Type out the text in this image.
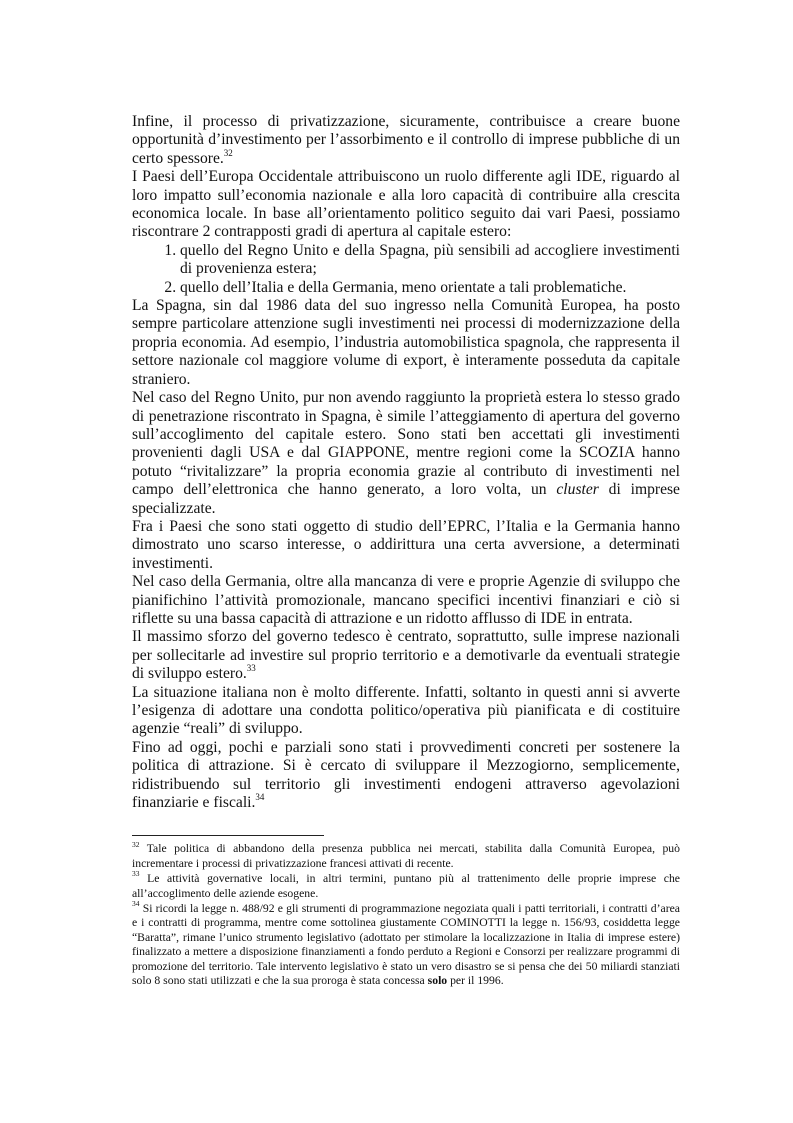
Infine, il processo di privatizzazione, sicuramente, contribuisce a creare buone opportunità d’investimento per l’assorbimento e il controllo di imprese pubbliche di un certo spessore.$^{32}$

I Paesi dell’Europa Occidentale attribuiscono un ruolo differente agli IDE, riguardo al loro impatto sull’economia nazionale e alla loro capacità di contribuire alla crescita economica locale. In base all’orientamento politico seguito dai vari Paesi, possiamo riscontrare 2 contrapposti gradi di apertura al capitale estero:

1. quello del Regno Unito e della Spagna, più sensibili ad accogliere investimenti di provenienza estera;
2. quello dell’Italia e della Germania, meno orientate a tali problematiche.

La Spagna, sin dal 1986 data del suo ingresso nella Comunità Europea, ha posto sempre particolare attenzione sugli investimenti nei processi di modernizzazione della propria economia. Ad esempio, l’industria automobilistica spagnola, che rappresenta il settore nazionale col maggiore volume di export, è interamente posseduta da capitale straniero.

Nel caso del Regno Unito, pur non avendo raggiunto la proprietà estera lo stesso grado di penetrazione riscontrato in Spagna, è simile l’atteggiamento di apertura del governo sull’accoglimento del capitale estero. Sono stati ben accettati gli investimenti provenienti dagli USA e dal GIAPPONE, mentre regioni come la SCOZIA hanno potuto “rivitalizzare” la propria economia grazie al contributo di investimenti nel campo dell’elettronica che hanno generato, a loro volta, un cluster di imprese specializzate.

Fra i Paesi che sono stati oggetto di studio dell’EPRC, l’Italia e la Germania hanno dimostrato uno scarso interesse, o addirittura una certa avversione, a determinati investimenti.

Nel caso della Germania, oltre alla mancanza di vere e proprie Agenzie di sviluppo che pianifichino l’attività promozionale, mancano specifici incentivi finanziari e ciò si riflette su una bassa capacità di attrazione e un ridotto afflusso di IDE in entrata.

Il massimo sforzo del governo tedesco è centrato, soprattutto, sulle imprese nazionali per sollecitarle ad investire sul proprio territorio e a demotivarle da eventuali strategie di sviluppo estero.$^{33}$

La situazione italiana non è molto differente. Infatti, soltanto in questi anni si avverte l’esigenza di adottare una condotta politico/operativa più pianificata e di costituire agenzie “reali” di sviluppo.

Fino ad oggi, pochi e parziali sono stati i provvedimenti concreti per sostenere la politica di attrazione. Si è cercato di sviluppare il Mezzogiorno, semplicemente, ridistribuendo sul territorio gli investimenti endogeni attraverso agevolazioni finanziarie e fiscali.$^{34}$

$^{32}$ Tale politica di abbandono della presenza pubblica nei mercati, stabilita dalla Comunità Europea, può incrementare i processi di privatizzazione francesi attivati di recente.

$^{33}$ Le attività governative locali, in altri termini, puntano più al trattenimento delle proprie imprese che all’accoglimento delle aziende esogene.

$^{34}$ Si ricordi la legge n. 488/92 e gli strumenti di programmazione negoziata quali i patti territoriali, i contratti d’area e i contratti di programma, mentre come sottolinea giustamente COMINOTTI la legge n. 156/93, cosiddetta legge “Baratta”, rimane l’unico strumento legislativo (adottato per stimolare la localizzazione in Italia di imprese estere) finalizzato a mettere a disposizione finanziamenti a fondo perduto a Regioni e Consorzi per realizzare programmi di promozione del territorio. Tale intervento legislativo è stato un vero disastro se si pensa che dei 50 miliardi stanziati solo 8 sono stati utilizzati e che la sua proroga è stata concessa solo per il 1996.
